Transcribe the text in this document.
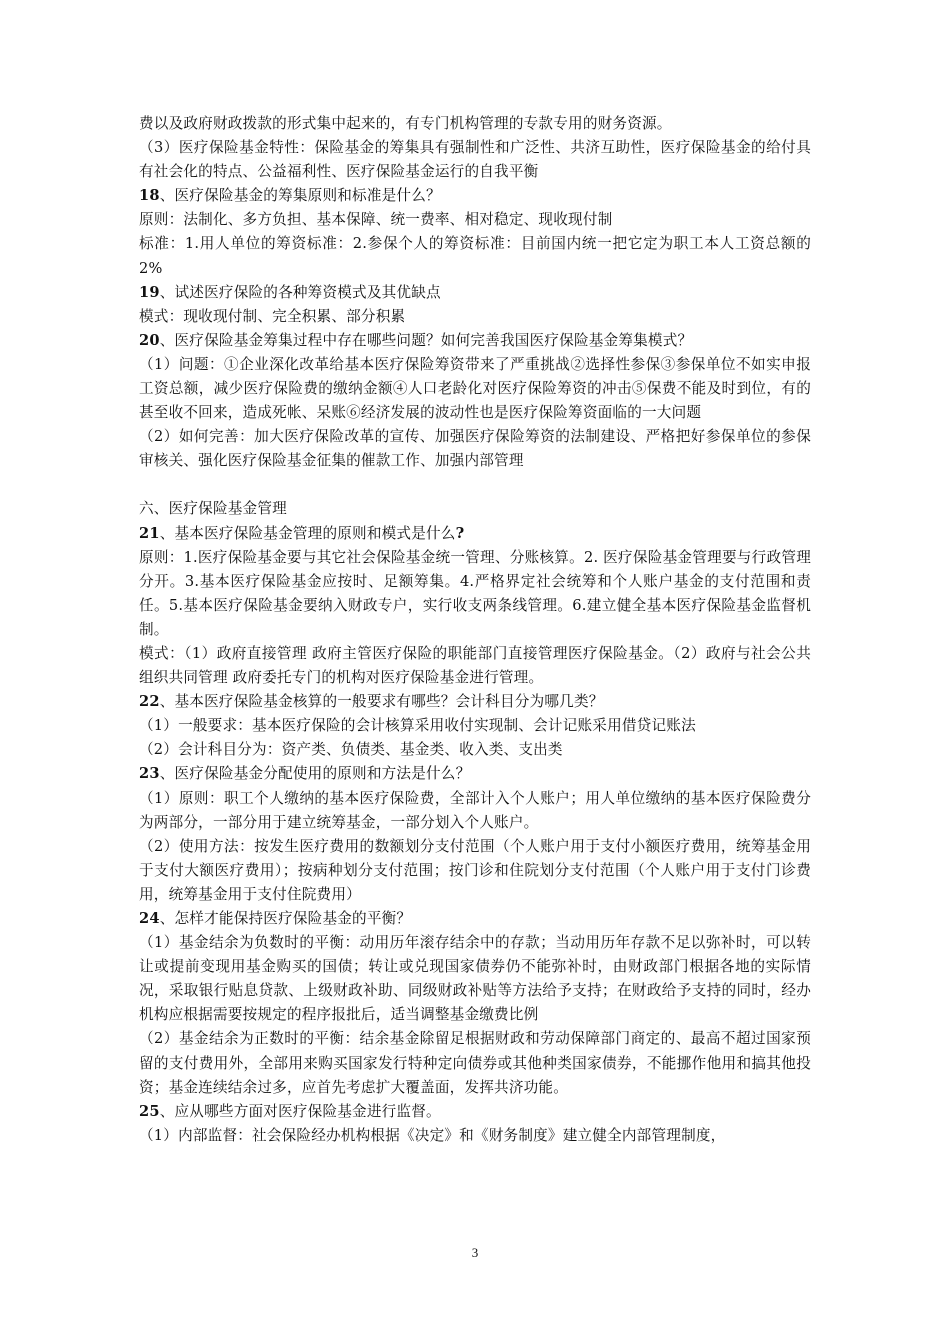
费以及政府财政拨款的形式集中起来的，有专门机构管理的专款专用的财务资源。

（3）医疗保险基金特性：保险基金的筹集具有强制性和广泛性、共济互助性，医疗保险基金的给付具有社会化的特点、公益福利性、医疗保险基金运行的自我平衡

18、医疗保险基金的筹集原则和标准是什么？

原则：法制化、多方负担、基本保障、统一费率、相对稳定、现收现付制

标准：1.用人单位的筹资标准：2.参保个人的筹资标准：目前国内统一把它定为职工本人工资总额的 2%

19、试述医疗保险的各种筹资模式及其优缺点

模式：现收现付制、完全积累、部分积累

20、医疗保险基金筹集过程中存在哪些问题？如何完善我国医疗保险基金筹集模式？

（1）问题：①企业深化改革给基本医疗保险筹资带来了严重挑战②选择性参保③参保单位不如实申报工资总额，减少医疗保险费的缴纳金额④人口老龄化对医疗保险筹资的冲击⑤保费不能及时到位，有的甚至收不回来，造成死帐、呆账⑥经济发展的波动性也是医疗保险筹资面临的一大问题

（2）如何完善：加大医疗保险改革的宣传、加强医疗保险筹资的法制建设、严格把好参保单位的参保审核关、强化医疗保险基金征集的催款工作、加强内部管理

六、医疗保险基金管理

21、基本医疗保险基金管理的原则和模式是什么?

原则：1.医疗保险基金要与其它社会保险基金统一管理、分账核算。2. 医疗保险基金管理要与行政管理分开。3.基本医疗保险基金应按时、足额筹集。4.严格界定社会统筹和个人账户基金的支付范围和责任。5.基本医疗保险基金要纳入财政专户，实行收支两条线管理。6.建立健全基本医疗保险基金监督机制。

模式：（1）政府直接管理 政府主管医疗保险的职能部门直接管理医疗保险基金。（2）政府与社会公共组织共同管理 政府委托专门的机构对医疗保险基金进行管理。

22、基本医疗保险基金核算的一般要求有哪些？会计科目分为哪几类？

（1）一般要求：基本医疗保险的会计核算采用收付实现制、会计记账采用借贷记账法

（2）会计科目分为：资产类、负债类、基金类、收入类、支出类

23、医疗保险基金分配使用的原则和方法是什么？

（1）原则：职工个人缴纳的基本医疗保险费，全部计入个人账户；用人单位缴纳的基本医疗保险费分为两部分，一部分用于建立统筹基金，一部分划入个人账户。

（2）使用方法：按发生医疗费用的数额划分支付范围（个人账户用于支付小额医疗费用，统筹基金用于支付大额医疗费用）；按病种划分支付范围；按门诊和住院划分支付范围（个人账户用于支付门诊费用，统筹基金用于支付住院费用）

24、怎样才能保持医疗保险基金的平衡？

（1）基金结余为负数时的平衡：动用历年滚存结余中的存款；当动用历年存款不足以弥补时，可以转让或提前变现用基金购买的国债；转让或兑现国家债券仍不能弥补时，由财政部门根据各地的实际情况，采取银行贴息贷款、上级财政补助、同级财政补贴等方法给予支持；在财政给予支持的同时，经办机构应根据需要按规定的程序报批后，适当调整基金缴费比例

（2）基金结余为正数时的平衡：结余基金除留足根据财政和劳动保障部门商定的、最高不超过国家预留的支付费用外，全部用来购买国家发行特种定向债券或其他种类国家债券，不能挪作他用和搞其他投资；基金连续结余过多，应首先考虑扩大覆盖面，发挥共济功能。

25、应从哪些方面对医疗保险基金进行监督。

（1）内部监督：社会保险经办机构根据《决定》和《财务制度》建立健全内部管理制度，

3
